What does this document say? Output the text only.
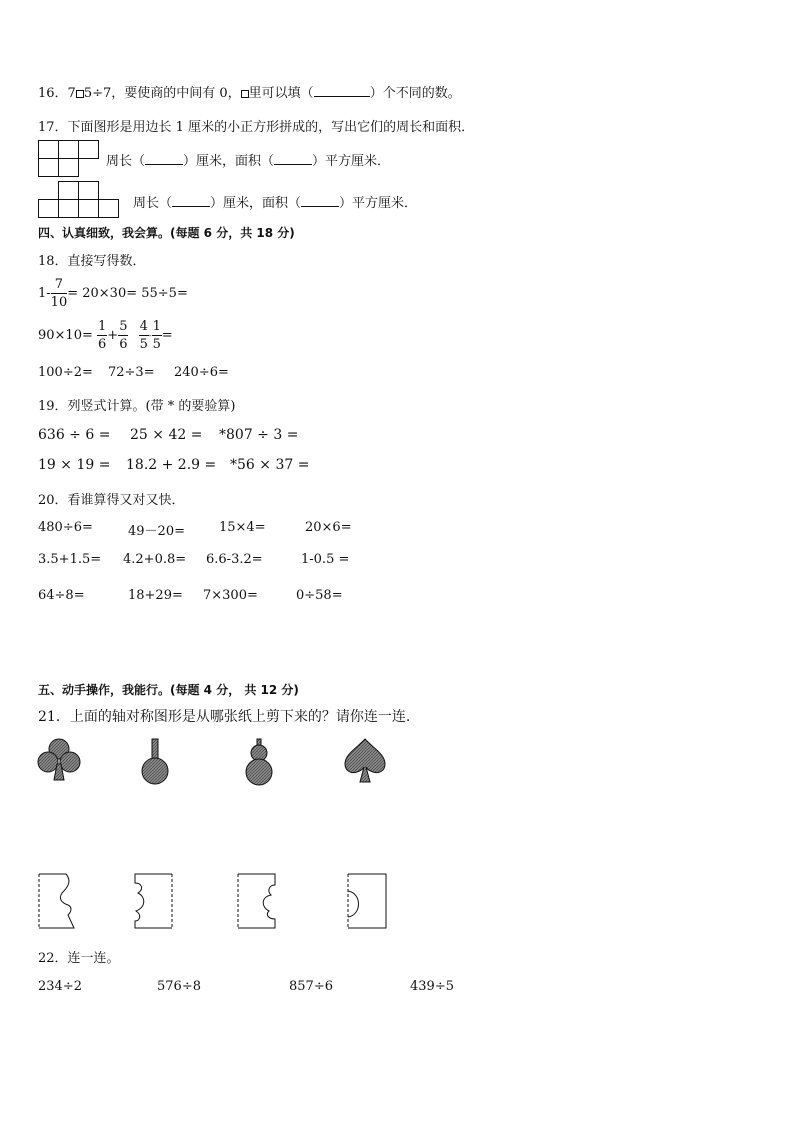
16．7 5÷7，要使商的中间有 0， 里可以填（	）个不同的数。
17．下面图形是用边长 1 厘米的小正方形拼成的，写出它们的周长和面积．
周长（	）厘米，面积（	）平方厘米．
周长（	）厘米，面积（	）平方厘米．
四、认真细致，我会算。(每题 6 分，共 18 分)
18．直接写得数．
$1- \frac{7}{10} = 20\times 30= 55\div 5=$
$90\times 10= \frac{1}{6} + \frac{5}{6}$
$\frac{4}{5} - \frac{1}{5}$ =
100÷2= 72÷3= 240÷6=
19．列竖式计算。(带 * 的要验算)
636 ÷ 6 = 25 × 42 = *807 ÷ 3 =
19 × 19 = 18.2 + 2.9 = *56 × 37 =
20．看谁算得又对又快．
480÷6=	49－20=	15×4=	20×6=
3.5+1.5= 4.2+0.8= 6.6-3.2=	1-0.5 =
64÷8=	18+29= 7×300=	0÷58=
五、动手操作，我能行。(每题 4 分， 共 12 分)
21．上面的轴对称图形是从哪张纸上剪下来的？请你连一连.
22．连一连。
234÷2	576÷8	857÷6	439÷5
